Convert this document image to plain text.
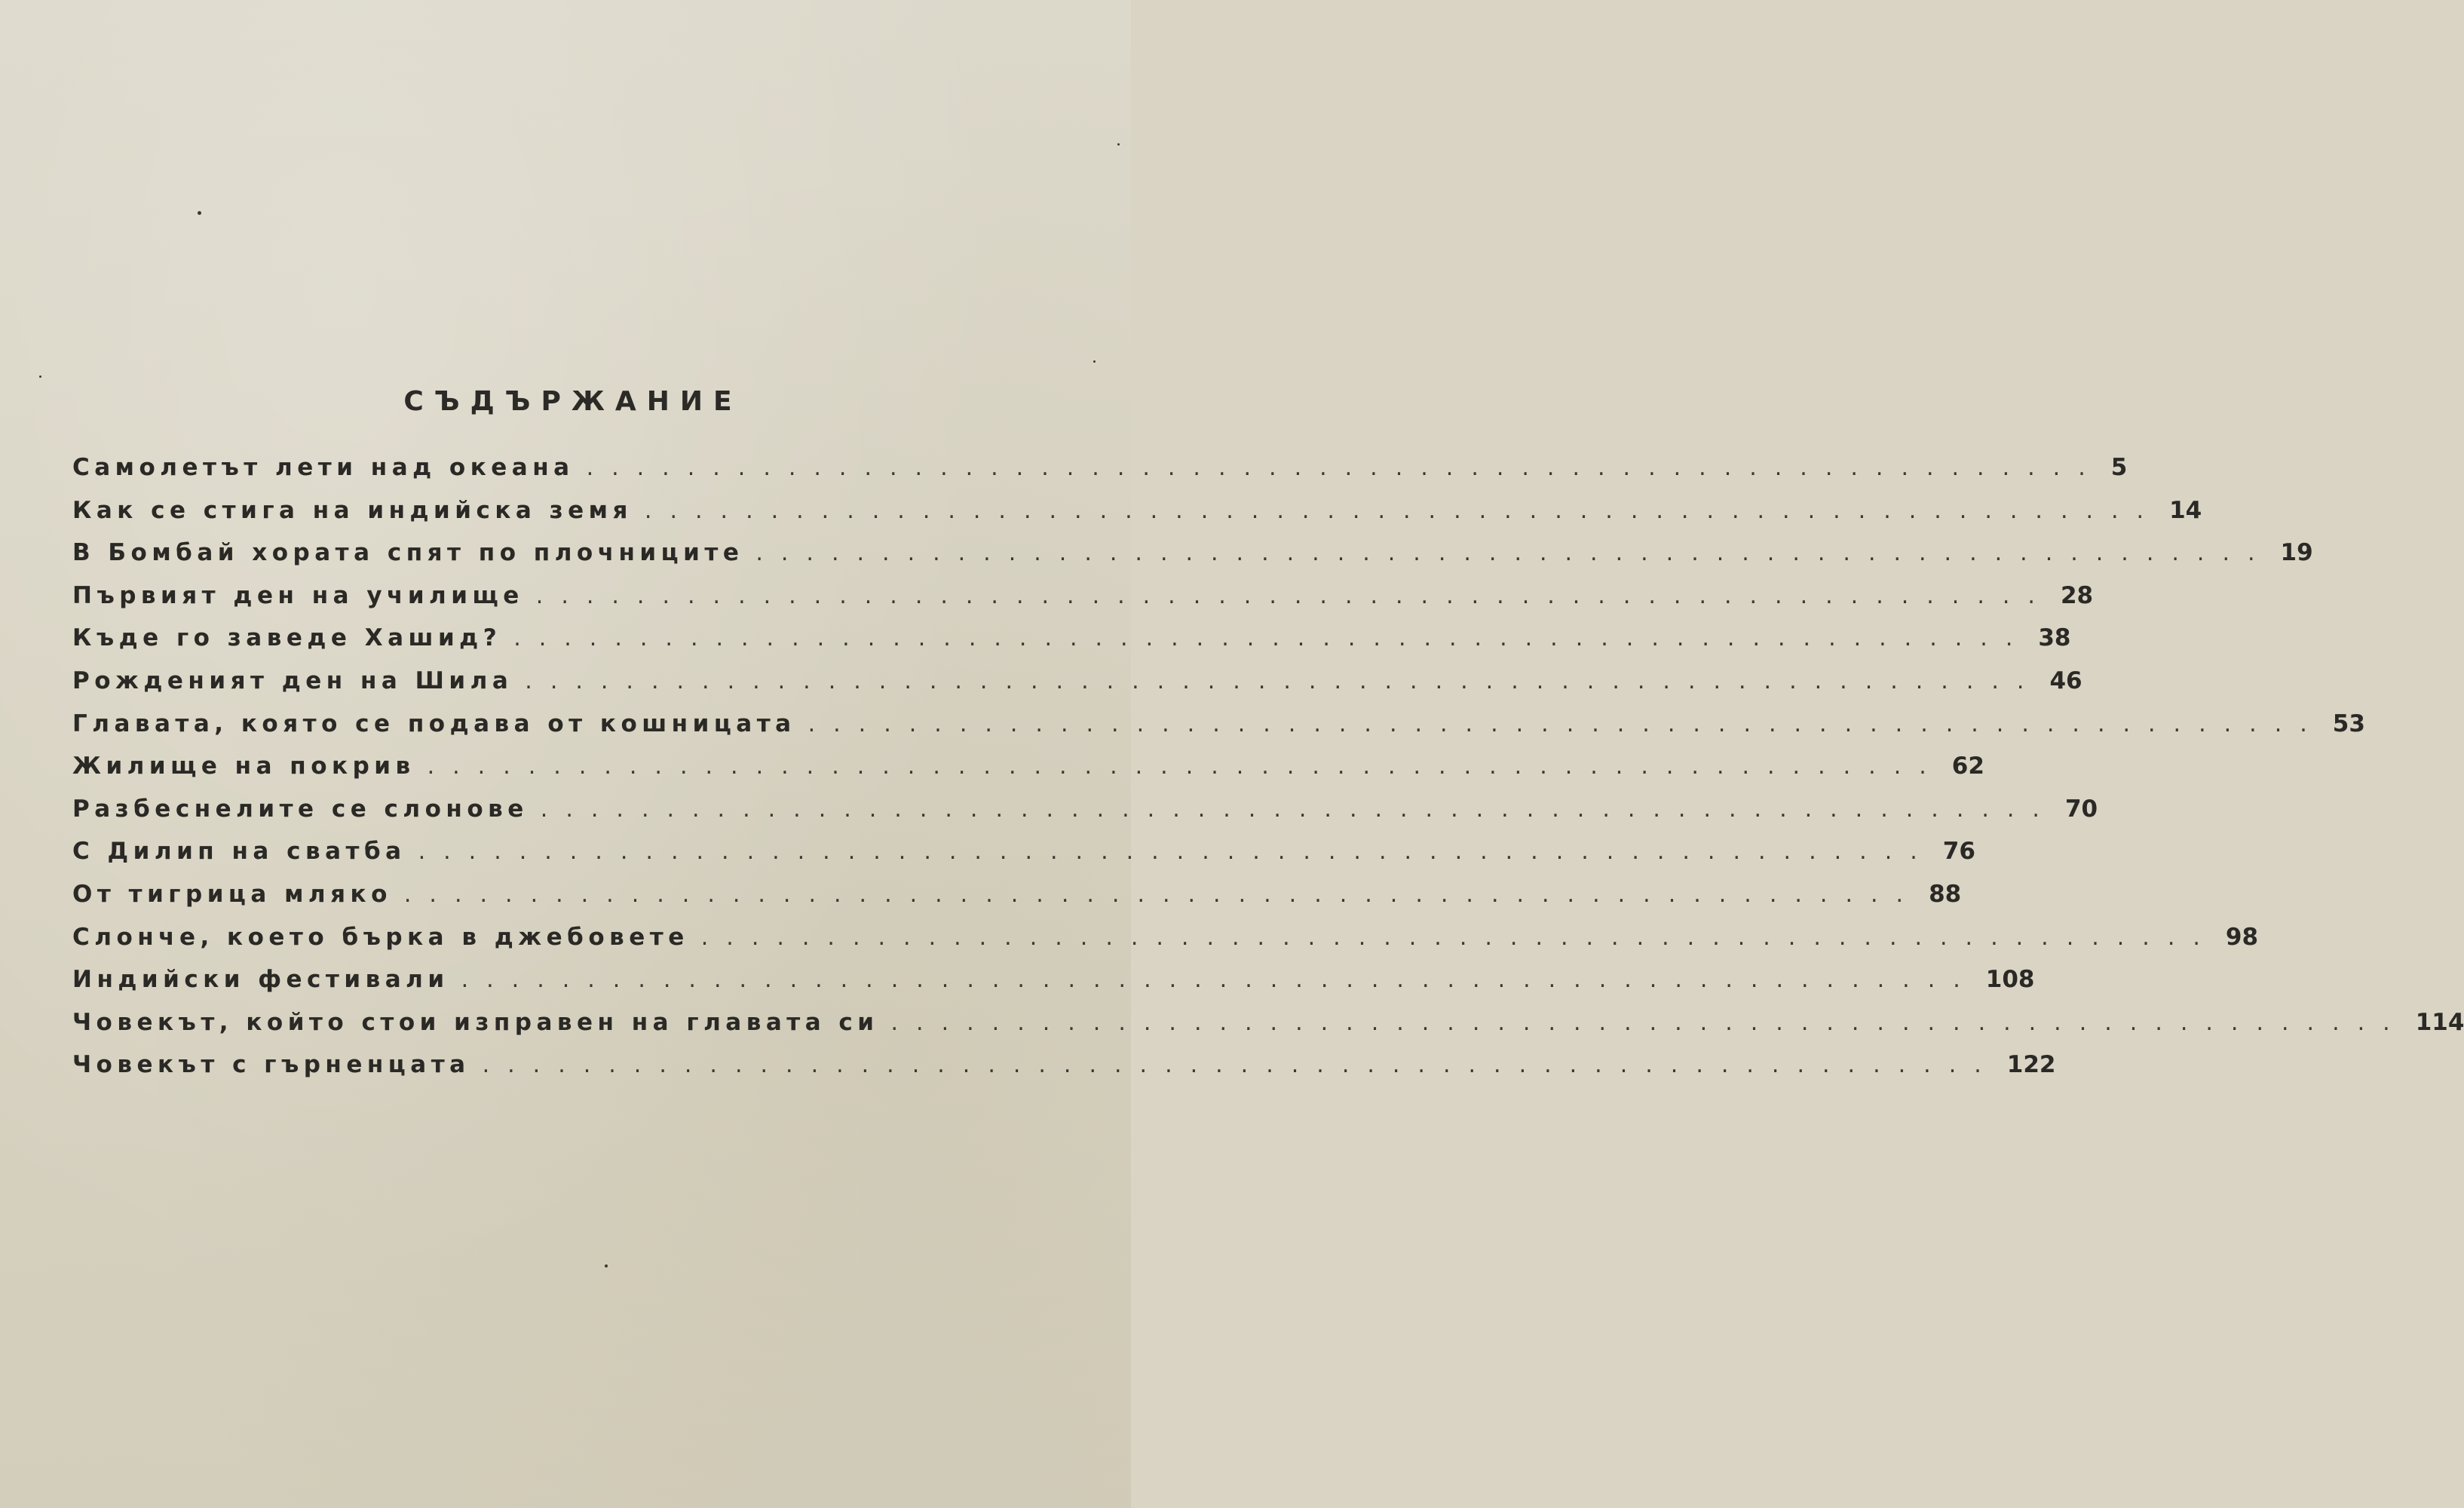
СЪДЪРЖАНИЕ
Самолетът лети над океана ............................................................ 5
Как се стига на индийска земя ............................................................ 14
В Бомбай хората спят по плочниците ............................................................ 19
Първият ден на училище ............................................................ 28
Къде го заведе Хашид? ............................................................ 38
Рожденият ден на Шила ............................................................ 46
Главата, която се подава от кошницата ............................................................ 53
Жилище на покрив ............................................................ 62
Разбеснелите се слонове ............................................................ 70
С Дилип на сватба ............................................................ 76
От тигрица мляко ............................................................ 88
Слонче, което бърка в джебовете ............................................................ 98
Индийски фестивали ............................................................ 108
Човекът, който стои изправен на главата си ............................................................ 114
Човекът с гърненцата ............................................................ 122
